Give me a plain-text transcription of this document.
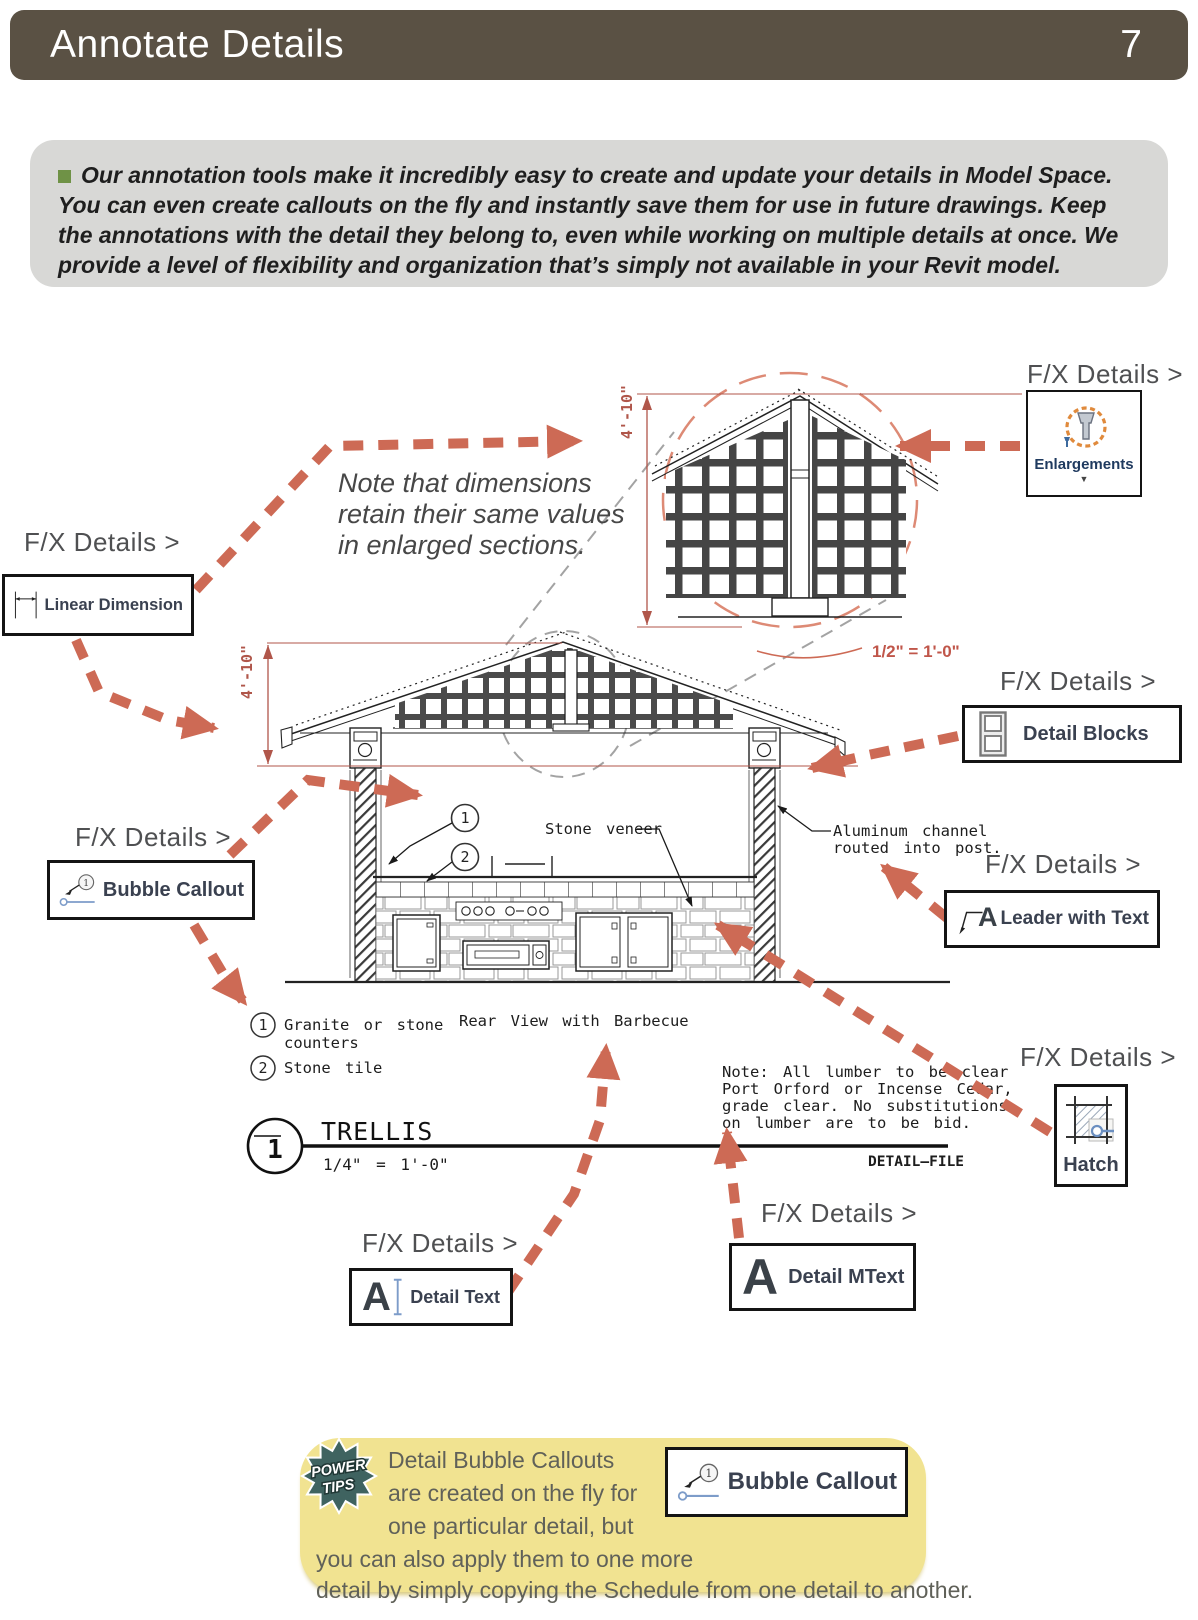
4'-10"
1/2" = 1'-0"
4'-10"
1
2
Stone veneer	Aluminum channel
routed into post.
1 Granite or stone
counters
2 Stone tile
Rear View with Barbecue
Note: All lumber to be clear
Port Orford or Incense Cedar,
grade clear. No substitutions
on lumber are to be bid.
1
TRELLIS
1/4" = 1'-0"	DETAIL—FILE
Annotate Details	7

Our annotation tools make it incredibly easy to create and update your details in Model Space. You can even create callouts on the fly and instantly save them for use in future drawings. Keep the annotations with the detail they belong to, even while working on multiple details at once. We provide a level of flexibility and organization that’s simply not available in your Revit model.

Note that dimensions
retain their same values
in enlarged sections.
F/X Details >
F/X Details >
F/X Details >
F/X Details >
F/X Details >
F/X Details >
F/X Details >
F/X Details >
Linear Dimension
Enlargements
▼
Detail Blocks
1 Bubble Callout
A Leader with Text
Hatch
A Detail Text	A Detail MText
POWER
TIPS
Detail Bubble Callouts
are created on the fly for
one particular detail, but
you can also apply them to one more
detail by simply copying the Schedule from one detail to another.
1 Bubble Callout
